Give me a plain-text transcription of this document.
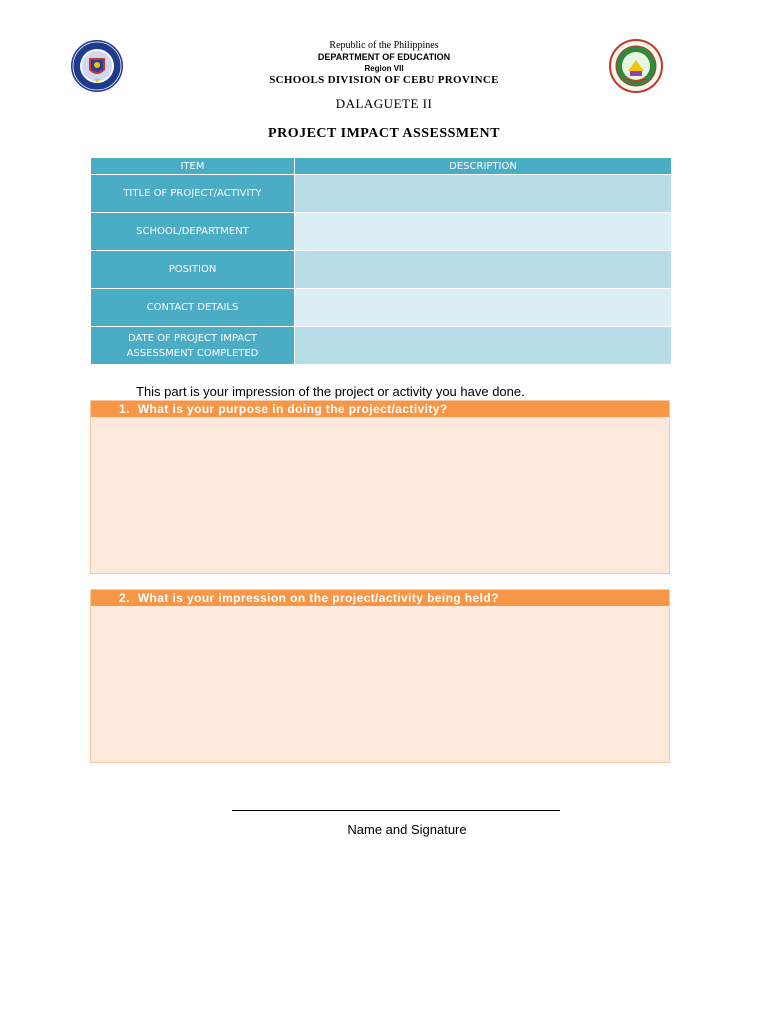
Republic of the Philippines
DEPARTMENT OF EDUCATION
Region VII
SCHOOLS DIVISION OF CEBU PROVINCE
DALAGUETE II
PROJECT IMPACT ASSESSMENT
ITEM	DESCRIPTION
TITLE OF PROJECT/ACTIVITY	
SCHOOL/DEPARTMENT	
POSITION	
CONTACT DETAILS	
DATE OF PROJECT IMPACT
ASSESSMENT COMPLETED	
This part is your impression of the project or activity you have done.
1. What is your purpose in doing the project/activity?
2. What is your impression on the project/activity being held?
Name and Signature
